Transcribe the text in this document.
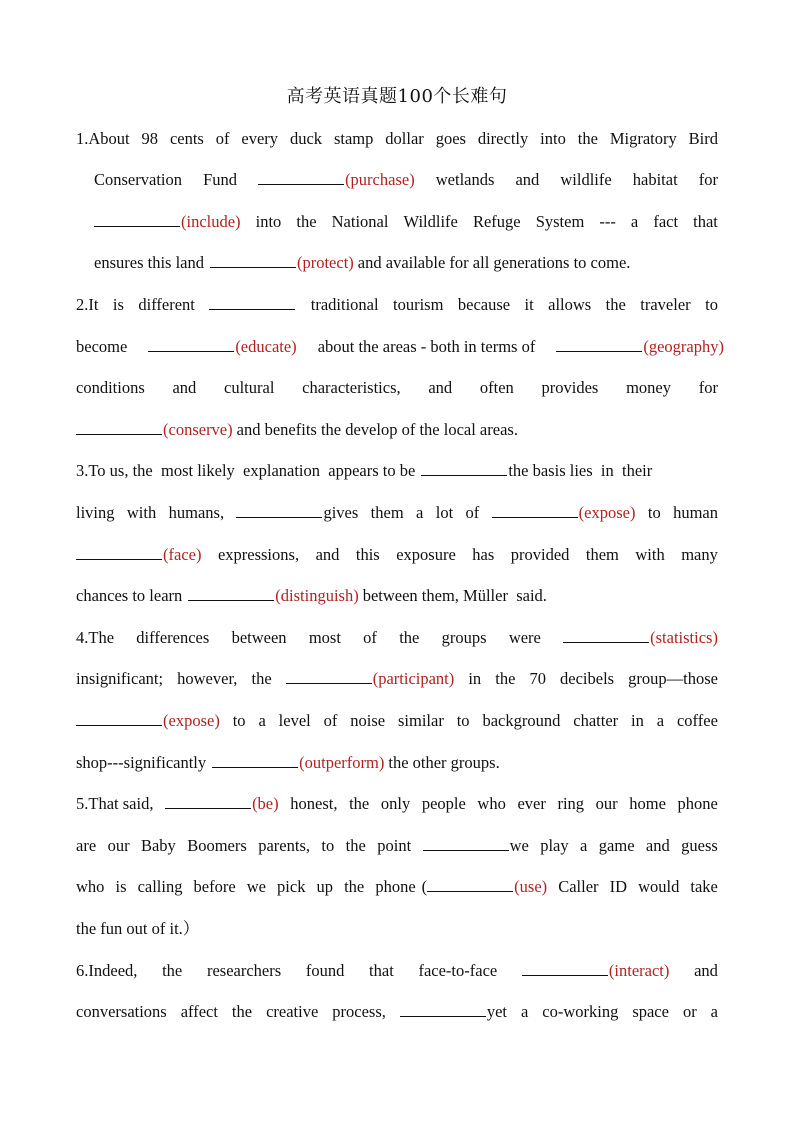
高考英语真题100个长难句
1.About 98 cents of every duck stamp dollar goes directly into the Migratory Bird
Conservation Fund	(purchase) wetlands and wildlife habitat for
(include) into the National Wildlife Refuge System --- a fact that
ensures this land	(protect) and available for all generations to come.
2.It is different	traditional tourism because it allows the traveler to
become	(educate) about the areas - both in terms of	(geography)
conditions and cultural characteristics, and often provides money for
(conserve) and benefits the develop of the local areas.
3.To us, the  most likely  explanation  appears to be	the basis lies  in  their
living with humans,	gives them a lot of	(expose) to human
(face) expressions, and this exposure has provided them with many
chances to learn	(distinguish) between them, Müller  said.
4.The differences between most of the groups were	(statistics)
insignificant; however, the	(participant) in the 70 decibels group—those
(expose) to a level of noise similar to background chatter in a coffee
shop---significantly	(outperform) the other groups.
5.That said,	(be) honest, the only people who ever ring our home phone
are our Baby Boomers parents, to the point	we play a game and guess
who is calling before we pick up the phone (	(use) Caller ID would take
the fun out of it.）
6.Indeed, the researchers found that face-to-face	(interact) and
conversations affect the creative process,	yet a co-working space or a
